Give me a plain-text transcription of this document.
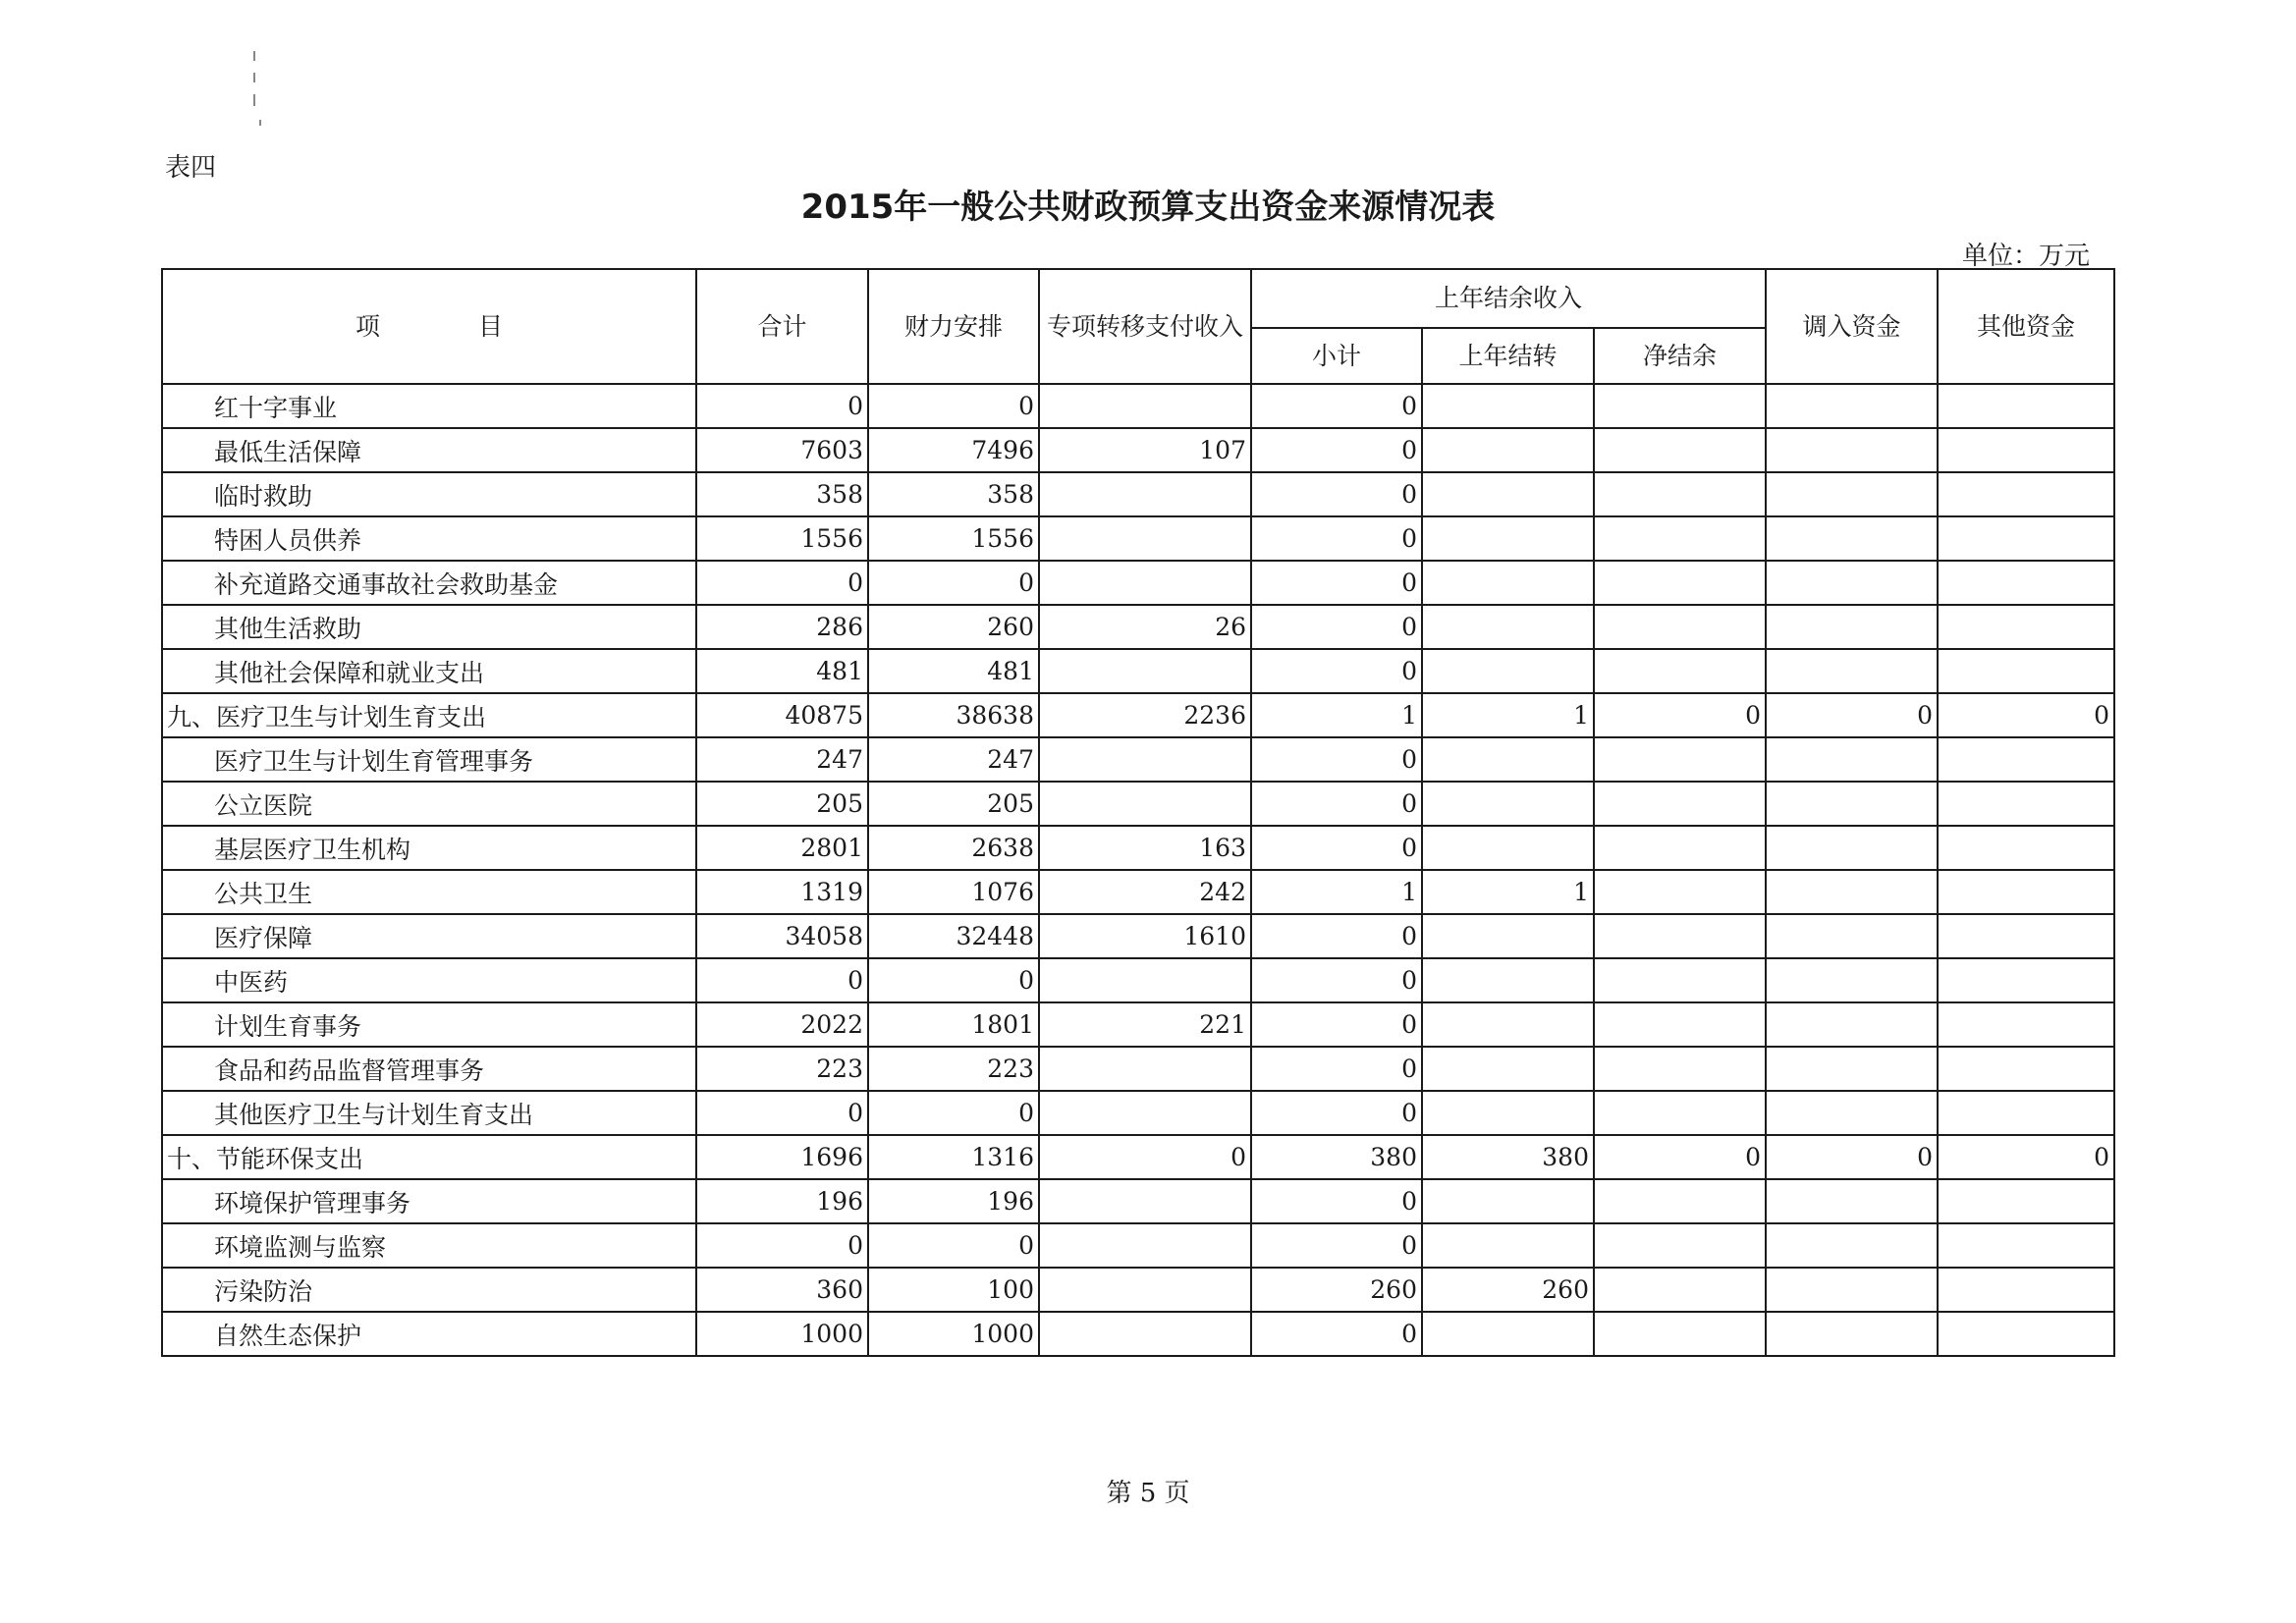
表四
2015年一般公共财政预算支出资金来源情况表
单位：万元
项　　　　目	合计	财力安排	专项转移支付收入	上年结余收入			调入资金	其他资金
				小计	上年结转	净结余		
红十字事业	0	0		0				
最低生活保障	7603	7496	107	0				
临时救助	358	358		0				
特困人员供养	1556	1556		0				
补充道路交通事故社会救助基金	0	0		0				
其他生活救助	286	260	26	0				
其他社会保障和就业支出	481	481		0				
九、医疗卫生与计划生育支出	40875	38638	2236	1	1	0	0	0
医疗卫生与计划生育管理事务	247	247		0				
公立医院	205	205		0				
基层医疗卫生机构	2801	2638	163	0				
公共卫生	1319	1076	242	1	1			
医疗保障	34058	32448	1610	0				
中医药	0	0		0				
计划生育事务	2022	1801	221	0				
食品和药品监督管理事务	223	223		0				
其他医疗卫生与计划生育支出	0	0		0				
十、节能环保支出	1696	1316	0	380	380	0	0	0
环境保护管理事务	196	196		0				
环境监测与监察	0	0		0				
污染防治	360	100		260	260			
自然生态保护	1000	1000		0				
第 5 页
